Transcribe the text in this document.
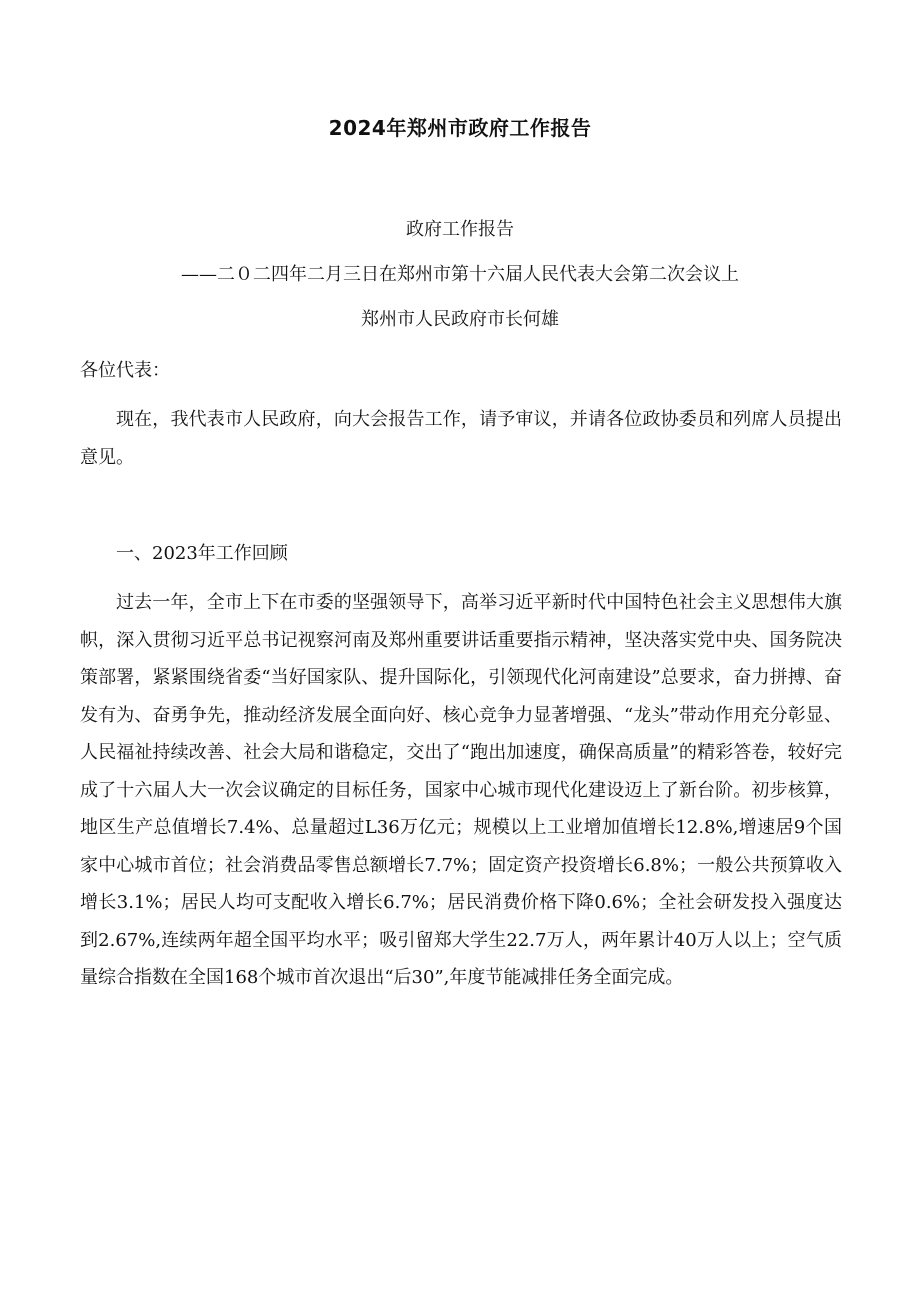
2024年郑州市政府工作报告
政府工作报告
——二０二四年二月三日在郑州市第十六届人民代表大会第二次会议上
郑州市人民政府市长何雄

各位代表：

现在，我代表市人民政府，向大会报告工作，请予审议，并请各位政协委员和列席人员提出意见。

一、2023年工作回顾

过去一年，全市上下在市委的坚强领导下，高举习近平新时代中国特色社会主义思想伟大旗帜，深入贯彻习近平总书记视察河南及郑州重要讲话重要指示精神，坚决落实党中央、国务院决策部署，紧紧围绕省委“当好国家队、提升国际化，引领现代化河南建设”总要求，奋力拼搏、奋发有为、奋勇争先，推动经济发展全面向好、核心竞争力显著增强、“龙头”带动作用充分彰显、人民福祉持续改善、社会大局和谐稳定，交出了“跑出加速度，确保高质量”的精彩答卷，较好完成了十六届人大一次会议确定的目标任务，国家中心城市现代化建设迈上了新台阶。初步核算，地区生产总值增长7.4%、总量超过L36万亿元；规模以上工业增加值增长12.8%,增速居9个国家中心城市首位；社会消费品零售总额增长7.7%；固定资产投资增长6.8%；一般公共预算收入增长3.1%；居民人均可支配收入增长6.7%；居民消费价格下降0.6%；全社会研发投入强度达到2.67%,连续两年超全国平均水平；吸引留郑大学生22.7万人，两年累计40万人以上；空气质量综合指数在全国168个城市首次退出“后30”,年度节能减排任务全面完成。
